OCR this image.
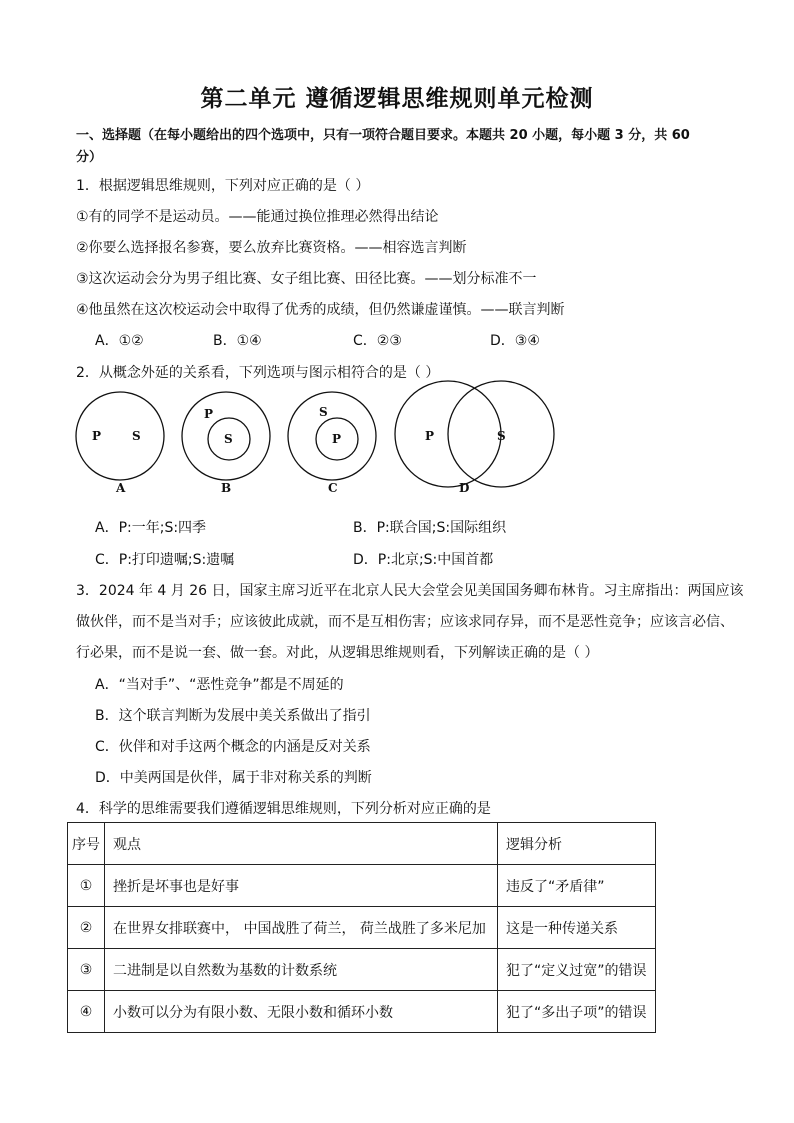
第二单元 遵循逻辑思维规则单元检测
一、选择题（在每小题给出的四个选项中，只有一项符合题目要求。本题共 20 小题，每小题 3 分，共 60
分）
1．根据逻辑思维规则，下列对应正确的是（ ）
①有的同学不是运动员。——能通过换位推理必然得出结论
②你要么选择报名参赛，要么放弃比赛资格。——相容选言判断
③这次运动会分为男子组比赛、女子组比赛、田径比赛。——划分标准不一
④他虽然在这次校运动会中取得了优秀的成绩，但仍然谦虚谨慎。——联言判断
A．①②	B．①④	C．②③	D．③④
2．从概念外延的关系看，下列选项与图示相符合的是（ ）
P	S
A
P
S
B
S
P
C
P	S
D
A．P:一年;S:四季	B．P:联合国;S:国际组织
C．P:打印遗嘱;S:遗嘱	D．P:北京;S:中国首都
3．2024 年 4 月 26 日，国家主席习近平在北京人民大会堂会见美国国务卿布林肯。习主席指出：两国应该
做伙伴，而不是当对手；应该彼此成就，而不是互相伤害；应该求同存异，而不是恶性竞争；应该言必信、
行必果，而不是说一套、做一套。对此，从逻辑思维规则看，下列解读正确的是（ ）
A．“当对手”、“恶性竞争”都是不周延的
B．这个联言判断为发展中美关系做出了指引
C．伙伴和对手这两个概念的内涵是反对关系
D．中美两国是伙伴，属于非对称关系的判断
4．科学的思维需要我们遵循逻辑思维规则，下列分析对应正确的是
序号	观点	逻辑分析
①	挫折是坏事也是好事	违反了“矛盾律”
②	在世界女排联赛中， 中国战胜了荷兰， 荷兰战胜了多米尼加	这是一种传递关系
③	二进制是以自然数为基数的计数系统	犯了“定义过宽”的错误
④	小数可以分为有限小数、无限小数和循环小数	犯了“多出子项”的错误
